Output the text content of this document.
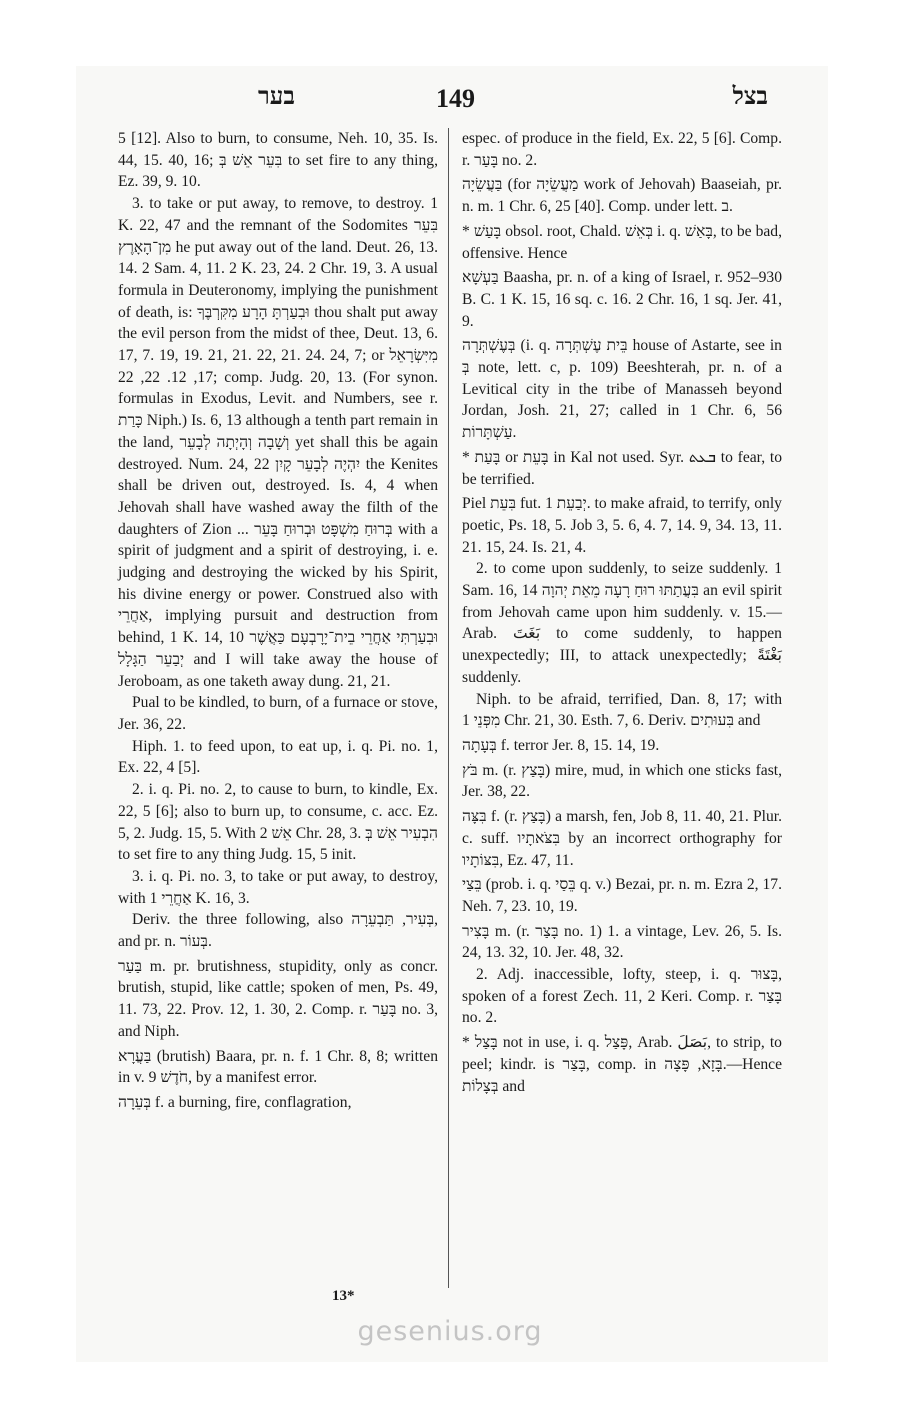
בער	149	בצל

5 [12]. Also to burn, to consume, Neh. 10, 35. Is. 44, 15. 40, 16; בִּעֵר אֵשׁ בְּ to set fire to any thing, Ez. 39, 9. 10.

3. to take or put away, to remove, to destroy. 1 K. 22, 47 and the remnant of the Sodomites בִּעֵר מִן־הָאָרֶץ he put away out of the land. Deut. 26, 13. 14. 2 Sam. 4, 11. 2 K. 23, 24. 2 Chr. 19, 3. A usual formula in Deuteronomy, implying the punishment of death, is: וּבִעַרְתָּ הָרָע מִקִּרְבֶּךָ thou shalt put away the evil person from the midst of thee, Deut. 13, 6. 17, 7. 19, 19. 21, 21. 22, 21. 24. 24, 7; or מִיִּשְׂרָאֵל 17, 12. 22, 22; comp. Judg. 20, 13. (For synon. formulas in Exodus, Levit. and Numbers, see r. כָּרַת Niph.) Is. 6, 13 although a tenth part remain in the land, וְשָׁבָה וְהָיְתָה לְבָעֵר yet shall this be again destroyed. Num. 24, 22 יִהְיֶה לְבָעֵר קָיִן the Kenites shall be driven out, destroyed. Is. 4, 4 when Jehovah shall have washed away the filth of the daughters of Zion ... בְּרוּחַ מִשְׁפָּט וּבְרוּחַ בָּעֵר with a spirit of judgment and a spirit of destroying, i. e. judging and destroying the wicked by his Spirit, his divine energy or power. Construed also with אַחֲרֵי, implying pursuit and destruction from behind, 1 K. 14, 10 וּבִעַרְתִּי אַחֲרֵי בֵית־יָרָבְעָם כַּאֲשֶׁר יְבַעֵר הַגָּלָל and I will take away the house of Jeroboam, as one taketh away dung. 21, 21.

Pual to be kindled, to burn, of a furnace or stove, Jer. 36, 22.

Hiph. 1. to feed upon, to eat up, i. q. Pi. no. 1, Ex. 22, 4 [5].

2. i. q. Pi. no. 2, to cause to burn, to kindle, Ex. 22, 5 [6]; also to burn up, to consume, c. acc. Ez. 5, 2. Judg. 15, 5. With אֵשׁ 2 Chr. 28, 3. הִבְעִיר אֵשׁ בְּ to set fire to any thing Judg. 15, 5 init.

3. i. q. Pi. no. 3, to take or put away, to destroy, with אַחֲרֵי 1 K. 16, 3.

Deriv. the three following, also בְּעִיר, תַּבְעֵרָה, and pr. n. בְּעוֹר.

בַּעַר m. pr. brutishness, stupidity, only as concr. brutish, stupid, like cattle; spoken of men, Ps. 49, 11. 73, 22. Prov. 12, 1. 30, 2. Comp. r. בָּעַר no. 3, and Niph.

בַּעֲרָא (brutish) Baara, pr. n. f. 1 Chr. 8, 8; written in v. 9 חֹדֶשׁ, by a manifest error.

בְּעֵרָה f. a burning, fire, conflagration,

espec. of produce in the field, Ex. 22, 5 [6]. Comp. r. בָּעַר no. 2.

בַּעֲשֵׂיָה (for מַעֲשֵׂיָה work of Jehovah) Baaseiah, pr. n. m. 1 Chr. 6, 25 [40]. Comp. under lett. ב.

* בָּעַשׁ obsol. root, Chald. בְּאֵשׁ i. q. בָּאַשׁ, to be bad, offensive. Hence

בַּעְשָׁא Baasha, pr. n. of a king of Israel, r. 952–930 B. C. 1 K. 15, 16 sq. c. 16. 2 Chr. 16, 1 sq. Jer. 41, 9.

בְּעֶשְׁתְּרָה (i. q. בֵּית עֶשְׁתְּרָה house of Astarte, see in בְּ note, lett. c, p. 109) Beeshterah, pr. n. of a Levitical city in the tribe of Manasseh beyond Jordan, Josh. 21, 27; called in 1 Chr. 6, 56 עַשְׁתָּרוֹת.

* בָּעַת or בָּעֵת in Kal not used. Syr. ܒܥܬ to fear, to be terrified.

Piel בִּעֵת fut. יְבַעֵת 1. to make afraid, to terrify, only poetic, Ps. 18, 5. Job 3, 5. 6, 4. 7, 14. 9, 34. 13, 11. 21. 15, 24. Is. 21, 4.

2. to come upon suddenly, to seize suddenly. 1 Sam. 16, 14 בִּעֲתַתּוּ רוּחַ רָעָה מֵאֵת יְהוָה an evil spirit from Jehovah came upon him suddenly. v. 15.—Arab. بَغَتَ to come suddenly, to happen unexpectedly; III, to attack unexpectedly; بَغْتَةً suddenly.

Niph. to be afraid, terrified, Dan. 8, 17; with מִפְּנֵי 1 Chr. 21, 30. Esth. 7, 6. Deriv. בִּעוּתִים and

בְּעָתָה f. terror Jer. 8, 15. 14, 19.

בֹּץ m. (r. בָּצַץ) mire, mud, in which one sticks fast, Jer. 38, 22.

בִּצָּה f. (r. בָּצַץ) a marsh, fen, Job 8, 11. 40, 21. Plur. c. suff. בִּצֹּאתָיו by an incorrect orthography for בִּצּוֹתָיו, Ez. 47, 11.

בֵּצַי (prob. i. q. בֵּסַי q. v.) Bezai, pr. n. m. Ezra 2, 17. Neh. 7, 23. 10, 19.

בָּצִיר m. (r. בָּצַר no. 1) 1. a vintage, Lev. 26, 5. Is. 24, 13. 32, 10. Jer. 48, 32.

2. Adj. inaccessible, lofty, steep, i. q. בָּצוּר, spoken of a forest Zech. 11, 2 Keri. Comp. r. בָּצַר no. 2.

* בָּצַל not in use, i. q. פָּצַל, Arab. بَصَلَ, to strip, to peel; kindr. is בָּצַר, comp. in בָּזָא, פָּצָה.—Hence בְּצָלוֹת and

13*
gesenius.org
